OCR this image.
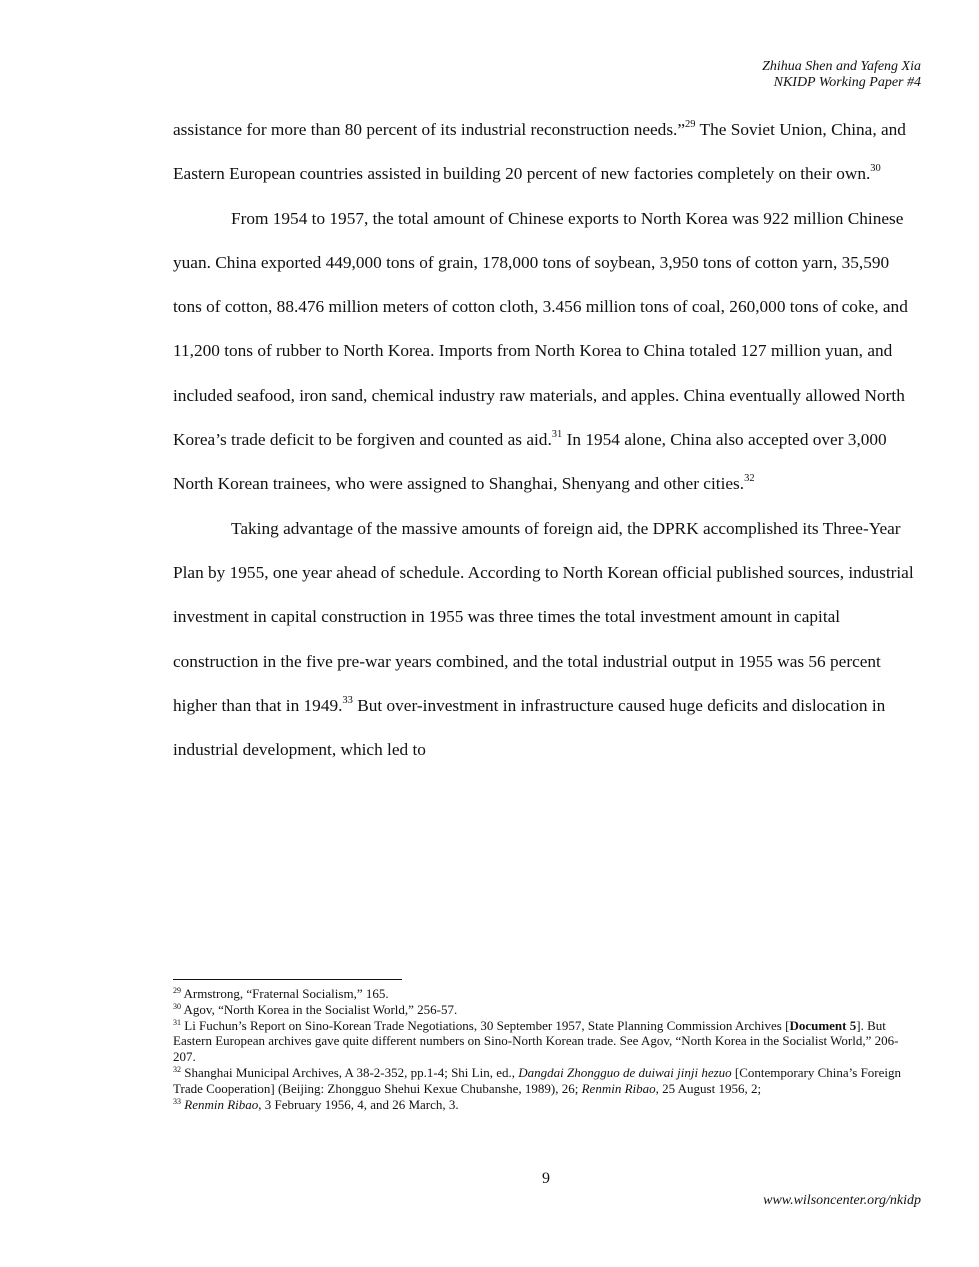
Zhihua Shen and Yafeng Xia
NKIDP Working Paper #4

assistance for more than 80 percent of its industrial reconstruction needs.”$^{29}$ The Soviet Union, China, and Eastern European countries assisted in building 20 percent of new factories completely on their own.$^{30}$

From 1954 to 1957, the total amount of Chinese exports to North Korea was 922 million Chinese yuan. China exported 449,000 tons of grain, 178,000 tons of soybean, 3,950 tons of cotton yarn, 35,590 tons of cotton, 88.476 million meters of cotton cloth, 3.456 million tons of coal, 260,000 tons of coke, and 11,200 tons of rubber to North Korea. Imports from North Korea to China totaled 127 million yuan, and included seafood, iron sand, chemical industry raw materials, and apples. China eventually allowed North Korea’s trade deficit to be forgiven and counted as aid.$^{31}$ In 1954 alone, China also accepted over 3,000 North Korean trainees, who were assigned to Shanghai, Shenyang and other cities.$^{32}$

Taking advantage of the massive amounts of foreign aid, the DPRK accomplished its Three-Year Plan by 1955, one year ahead of schedule. According to North Korean official published sources, industrial investment in capital construction in 1955 was three times the total investment amount in capital construction in the five pre-war years combined, and the total industrial output in 1955 was 56 percent higher than that in 1949.33 But over-investment in infrastructure caused huge deficits and dislocation in industrial development, which led to

$^{29}$ Armstrong, “Fraternal Socialism,” 165.

$^{30}$ Agov, “North Korea in the Socialist World,” 256-57.

$^{31}$ Li Fuchun’s Report on Sino-Korean Trade Negotiations, 30 September 1957, State Planning Commission Archives [Document 5]. But Eastern European archives gave quite different numbers on Sino-North Korean trade. See Agov, “North Korea in the Socialist World,” 206-207.

$^{32}$ Shanghai Municipal Archives, A 38-2-352, pp.1-4; Shi Lin, ed., Dangdai Zhongguo de duiwai jinji hezuo [Contemporary China’s Foreign Trade Cooperation] (Beijing: Zhongguo Shehui Kexue Chubanshe, 1989), 26; Renmin Ribao, 25 August 1956, 2;

$^{33}$ Renmin Ribao, 3 February 1956, 4, and 26 March, 3.

9
www.wilsoncenter.org/nkidp
